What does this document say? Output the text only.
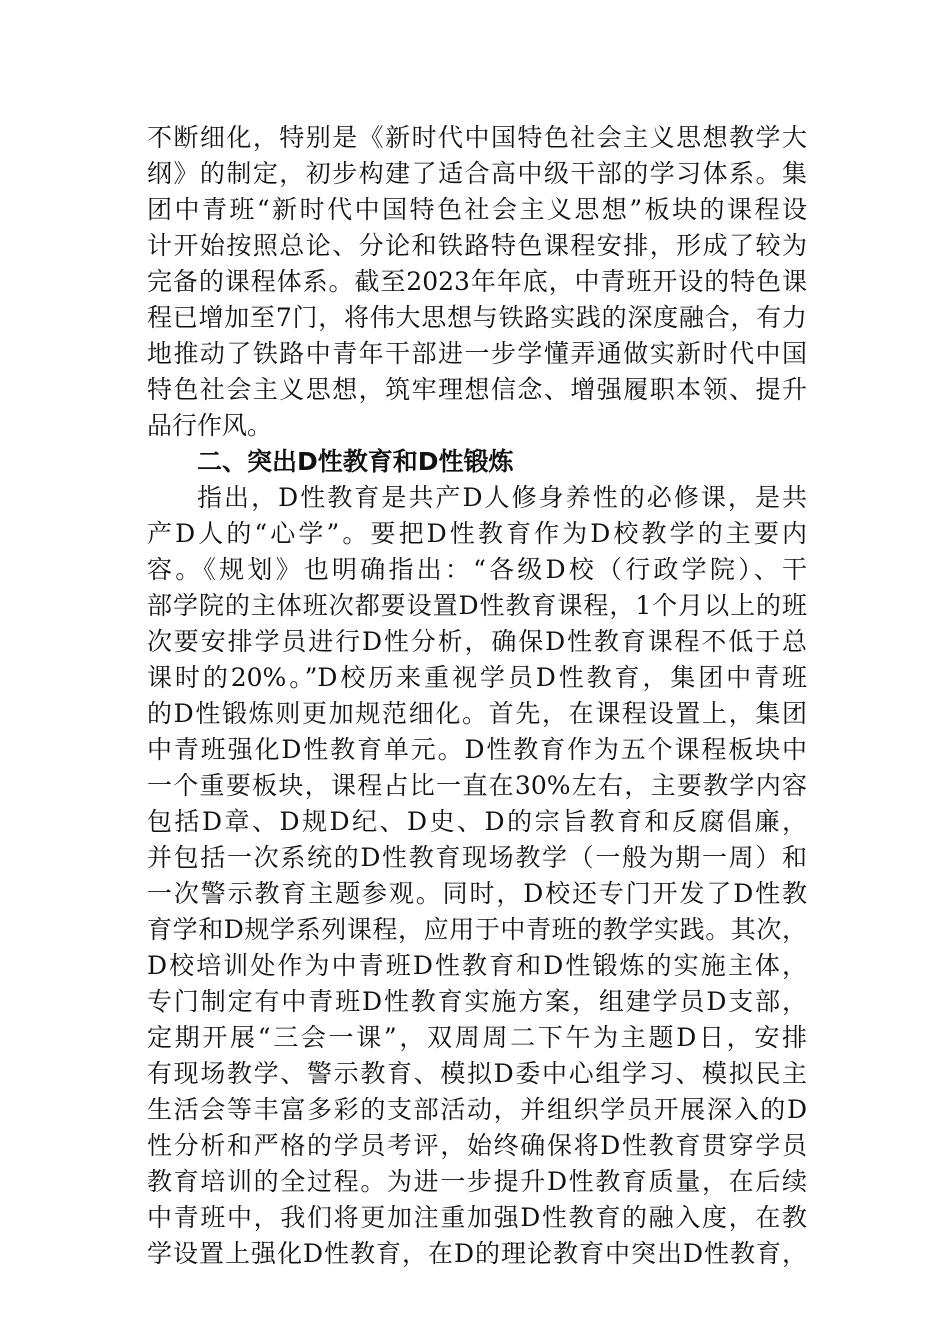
不断细化，特别是《新时代中国特色社会主义思想教学大
纲》的制定，初步构建了适合高中级干部的学习体系。集
团中青班“新时代中国特色社会主义思想”板块的课程设
计开始按照总论、分论和铁路特色课程安排，形成了较为
完备的课程体系。截至2023年年底，中青班开设的特色课
程已增加至7门，将伟大思想与铁路实践的深度融合，有力
地推动了铁路中青年干部进一步学懂弄通做实新时代中国
特色社会主义思想，筑牢理想信念、增强履职本领、提升
品行作风。
二、突出D性教育和D性锻炼
指出，D性教育是共产D人修身养性的必修课，是共
产D人的“心学”。要把D性教育作为D校教学的主要内
容。《规划》也明确指出：“各级D校（行政学院）、干
部学院的主体班次都要设置D性教育课程，1个月以上的班
次要安排学员进行D性分析，确保D性教育课程不低于总
课时的20%。”D校历来重视学员D性教育，集团中青班
的D性锻炼则更加规范细化。首先，在课程设置上，集团
中青班强化D性教育单元。D性教育作为五个课程板块中
一个重要板块，课程占比一直在30%左右，主要教学内容
包括D章、D规D纪、D史、D的宗旨教育和反腐倡廉，
并包括一次系统的D性教育现场教学（一般为期一周）和
一次警示教育主题参观。同时，D校还专门开发了D性教
育学和D规学系列课程，应用于中青班的教学实践。其次，
D校培训处作为中青班D性教育和D性锻炼的实施主体，
专门制定有中青班D性教育实施方案，组建学员D支部，
定期开展“三会一课”，双周周二下午为主题D日，安排
有现场教学、警示教育、模拟D委中心组学习、模拟民主
生活会等丰富多彩的支部活动，并组织学员开展深入的D
性分析和严格的学员考评，始终确保将D性教育贯穿学员
教育培训的全过程。为进一步提升D性教育质量，在后续
中青班中，我们将更加注重加强D性教育的融入度，在教
学设置上强化D性教育，在D的理论教育中突出D性教育，
